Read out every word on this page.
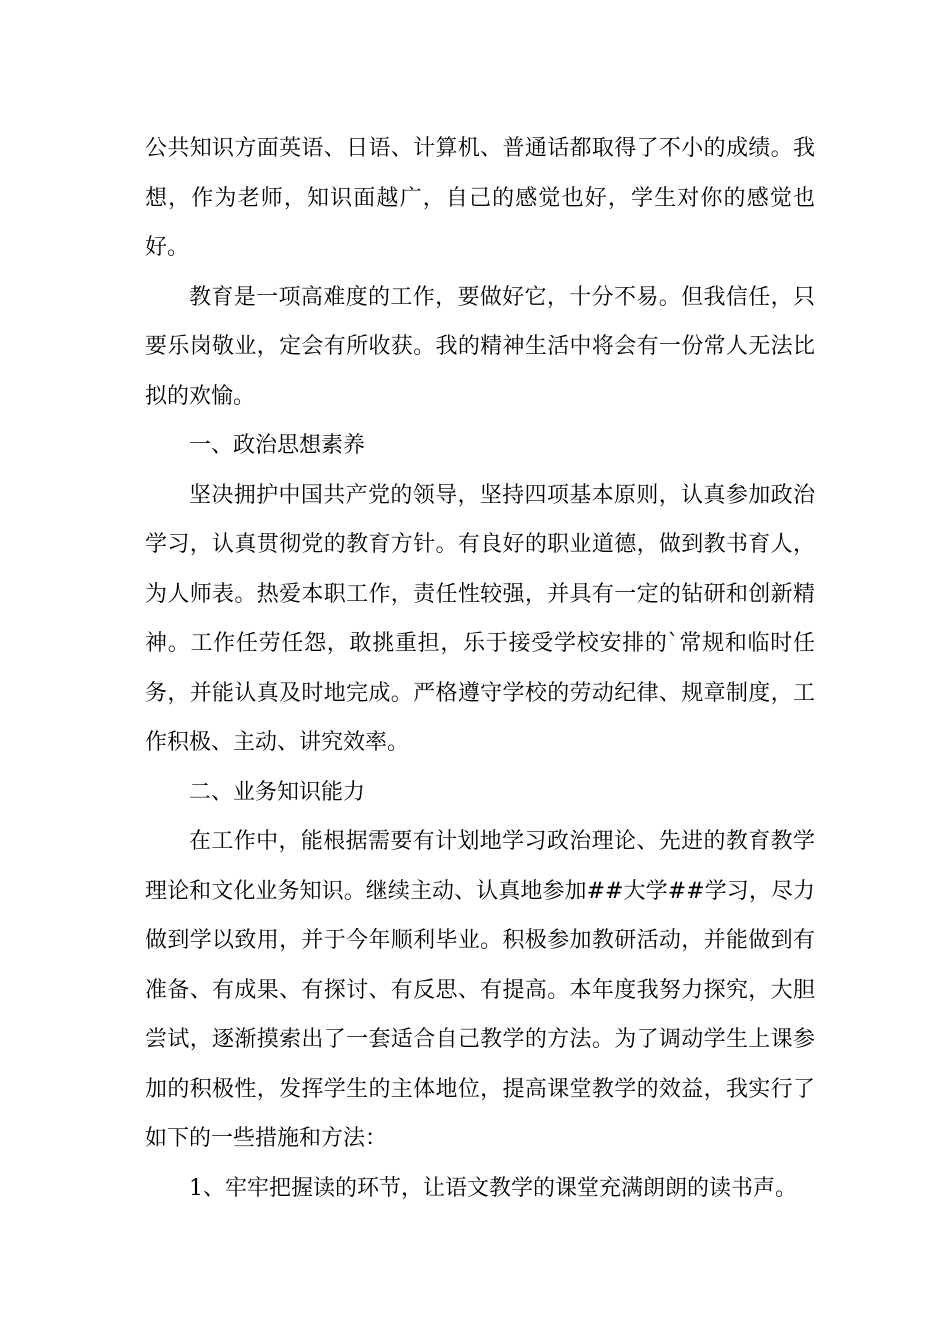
公共知识方面英语、日语、计算机、普通话都取得了不小的成绩。我想，作为老师，知识面越广，自己的感觉也好，学生对你的感觉也好。

教育是一项高难度的工作，要做好它，十分不易。但我信任，只要乐岗敬业，定会有所收获。我的精神生活中将会有一份常人无法比拟的欢愉。

一、政治思想素养

坚决拥护中国共产党的领导，坚持四项基本原则，认真参加政治学习，认真贯彻党的教育方针。有良好的职业道德，做到教书育人，为人师表。热爱本职工作，责任性较强，并具有一定的钻研和创新精神。工作任劳任怨，敢挑重担，乐于接受学校安排的`常规和临时任务，并能认真及时地完成。严格遵守学校的劳动纪律、规章制度，工作积极、主动、讲究效率。

二、业务知识能力

在工作中，能根据需要有计划地学习政治理论、先进的教育教学理论和文化业务知识。继续主动、认真地参加##大学##学习，尽力做到学以致用，并于今年顺利毕业。积极参加教研活动，并能做到有准备、有成果、有探讨、有反思、有提高。本年度我努力探究，大胆尝试，逐渐摸索出了一套适合自己教学的方法。为了调动学生上课参加的积极性，发挥学生的主体地位，提高课堂教学的效益，我实行了如下的一些措施和方法：

1、牢牢把握读的环节，让语文教学的课堂充满朗朗的读书声。
